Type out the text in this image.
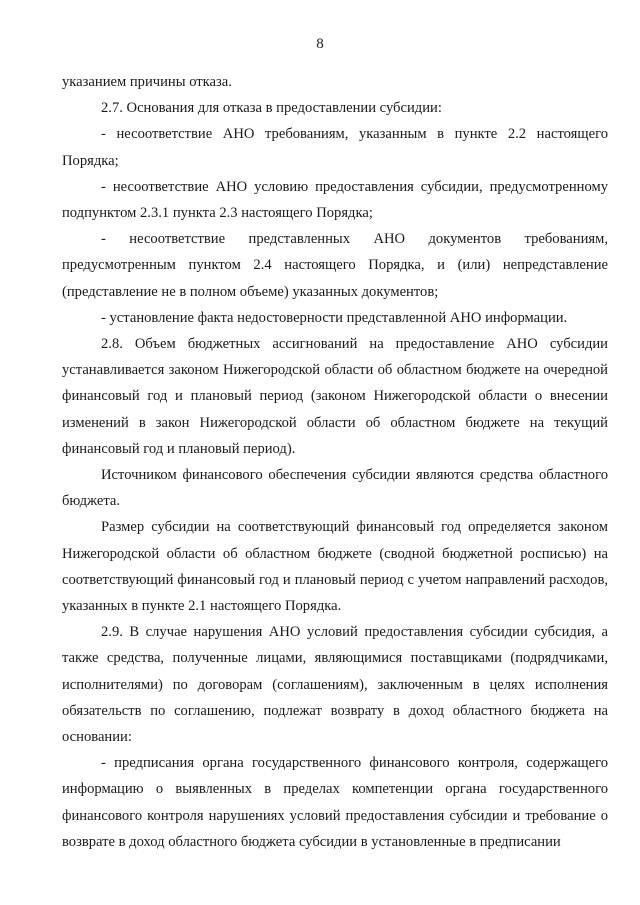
8

указанием причины отказа.

2.7. Основания для отказа в предоставлении субсидии:

- несоответствие АНО требованиям, указанным в пункте 2.2 настоящего Порядка;

- несоответствие АНО условию предоставления субсидии, предусмотренному подпунктом 2.3.1 пункта 2.3 настоящего Порядка;

- несоответствие представленных АНО документов требованиям, предусмотренным пунктом 2.4 настоящего Порядка, и (или) непредставление (представление не в полном объеме) указанных документов;

- установление факта недостоверности представленной АНО информации.

2.8. Объем бюджетных ассигнований на предоставление АНО субсидии устанавливается законом Нижегородской области об областном бюджете на очередной финансовый год и плановый период (законом Нижегородской области о внесении изменений в закон Нижегородской области об областном бюджете на текущий финансовый год и плановый период).

Источником финансового обеспечения субсидии являются средства областного бюджета.

Размер субсидии на соответствующий финансовый год определяется законом Нижегородской области об областном бюджете (сводной бюджетной росписью) на соответствующий финансовый год и плановый период с учетом направлений расходов, указанных в пункте 2.1 настоящего Порядка.

2.9. В случае нарушения АНО условий предоставления субсидии субсидия, а также средства, полученные лицами, являющимися поставщиками (подрядчиками, исполнителями) по договорам (соглашениям), заключенным в целях исполнения обязательств по соглашению, подлежат возврату в доход областного бюджета на основании:

- предписания органа государственного финансового контроля, содержащего информацию о выявленных в пределах компетенции органа государственного финансового контроля нарушениях условий предоставления субсидии и требование о возврате в доход областного бюджета субсидии в установленные в предписании
